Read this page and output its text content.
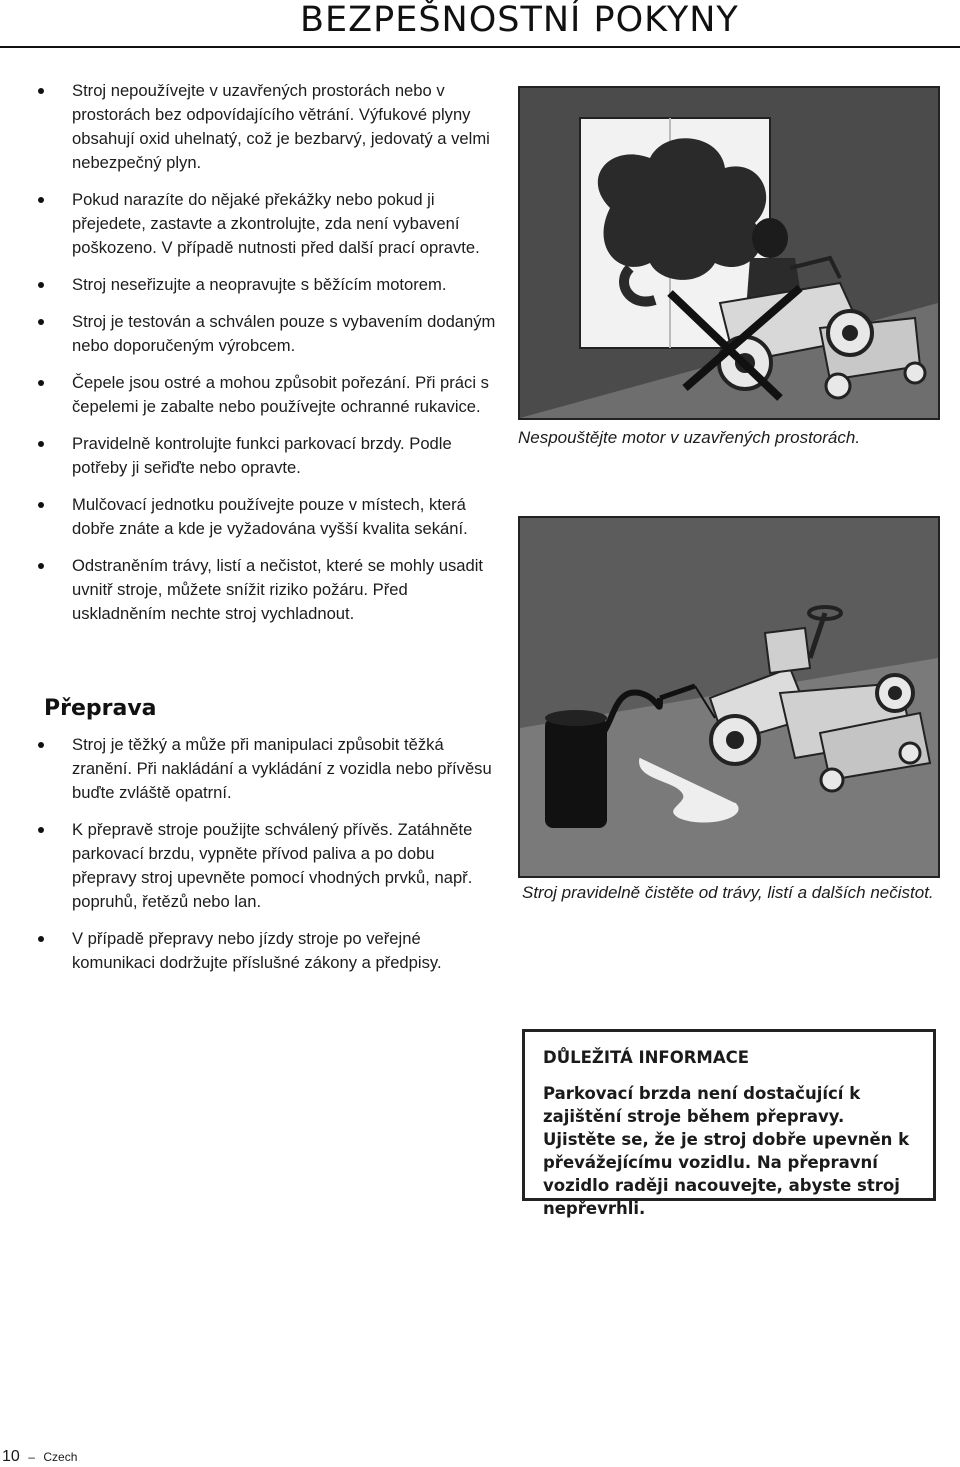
BEZPEŠNOSTNÍ POKYNY
Stroj nepoužívejte v uzavřených prostorách nebo v prostorách bez odpovídajícího větrání. Výfukové plyny obsahují oxid uhelnatý, což je bezbarvý, jedovatý a velmi nebezpečný plyn.
Pokud narazíte do nějaké překážky nebo pokud ji přejedete, zastavte a zkontrolujte, zda není vybavení poškozeno. V případě nutnosti před další prací opravte.
Stroj neseřizujte a neopravujte s běžícím motorem.
Stroj je testován a schválen pouze s vybavením dodaným nebo doporučeným výrobcem.
Čepele jsou ostré a mohou způsobit pořezání. Při práci s čepelemi je zabalte nebo používejte ochranné rukavice.
Pravidelně kontrolujte funkci parkovací brzdy. Podle potřeby ji seřiďte nebo opravte.
Mulčovací jednotku používejte pouze v místech, která dobře znáte a kde je vyžadována vyšší kvalita sekání.
Odstraněním trávy, listí a nečistot, které se mohly usadit uvnitř stroje, můžete snížit riziko požáru. Před uskladněním nechte stroj vychladnout.
Přeprava
Stroj je těžký a může při manipulaci způsobit těžká zranění. Při nakládání a vykládání z vozidla nebo přívěsu buďte zvláště opatrní.
K přepravě stroje použijte schválený přívěs. Zatáhněte parkovací brzdu, vypněte přívod paliva a po dobu přepravy stroj upevněte pomocí vhodných prvků, např. popruhů, řetězů nebo lan.
V případě přepravy nebo jízdy stroje po veřejné komunikaci dodržujte příslušné zákony a předpisy.
Nespouštějte motor v uzavřených prostorách.
Stroj pravidelně čistěte od trávy, listí a dalších nečistot.
DŮLEŽITÁ INFORMACE
Parkovací brzda není dostačující k zajištění stroje během přepravy. Ujistěte se, že je stroj dobře upevněn k převážejícímu vozidlu. Na přepravní vozidlo raději nacouvejte, abyste stroj nepřevrhli.
10 – Czech
